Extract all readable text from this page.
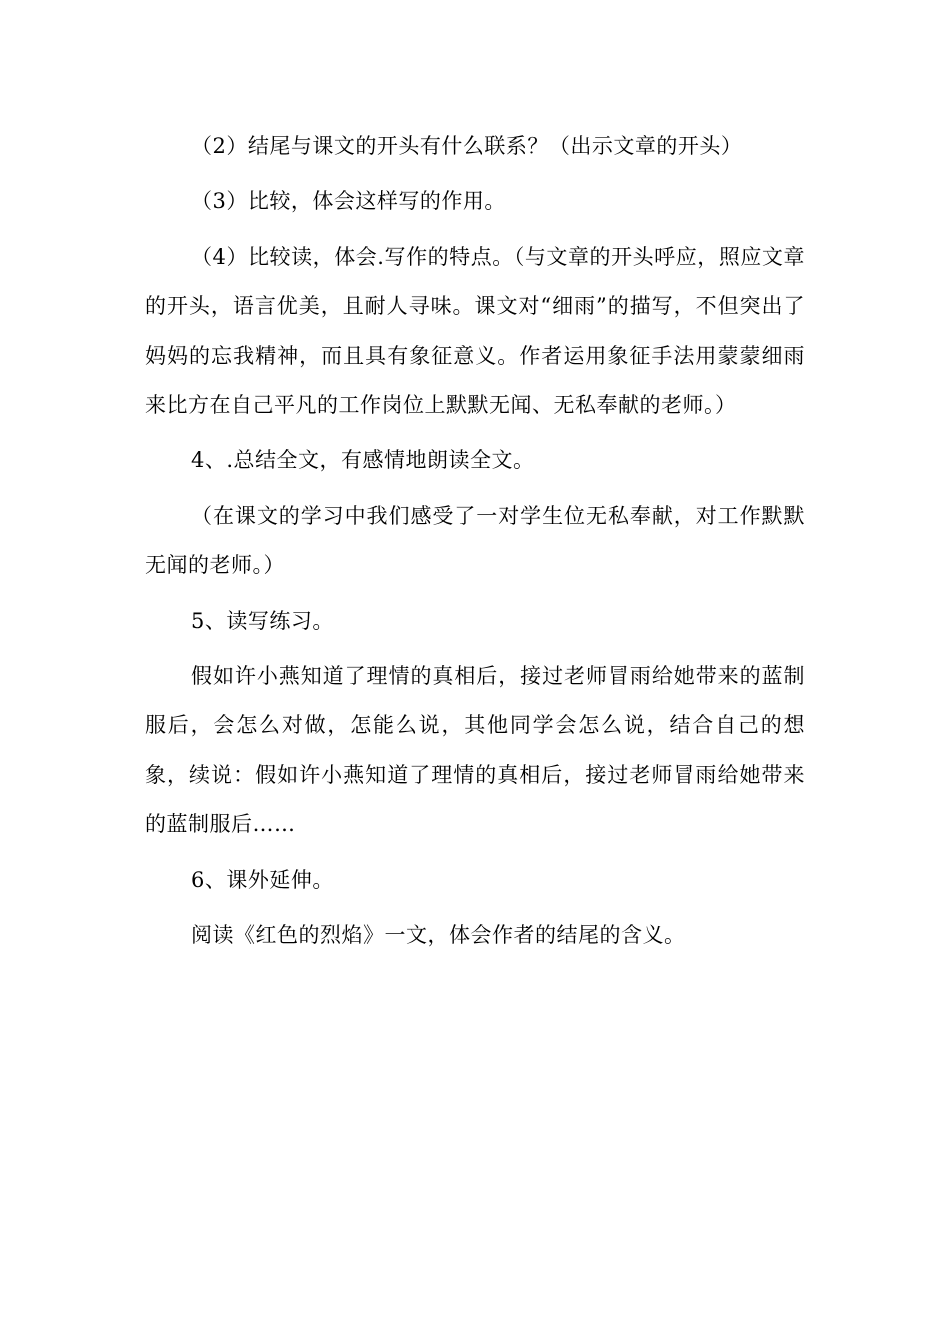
（2）结尾与课文的开头有什么联系？（出示文章的开头）

（3）比较，体会这样写的作用。

（4）比较读，体会.写作的特点。（与文章的开头呼应，照应文章的开头，语言优美，且耐人寻味。课文对“细雨”的描写，不但突出了妈妈的忘我精神，而且具有象征意义。作者运用象征手法用蒙蒙细雨来比方在自己平凡的工作岗位上默默无闻、无私奉献的老师。）

4、.总结全文，有感情地朗读全文。

（在课文的学习中我们感受了一对学生位无私奉献，对工作默默无闻的老师。）

5、读写练习。

假如许小燕知道了理情的真相后，接过老师冒雨给她带来的蓝制服后，会怎么对做，怎能么说，其他同学会怎么说，结合自己的想象，续说：假如许小燕知道了理情的真相后，接过老师冒雨给她带来的蓝制服后……

6、课外延伸。

阅读《红色的烈焰》一文，体会作者的结尾的含义。
